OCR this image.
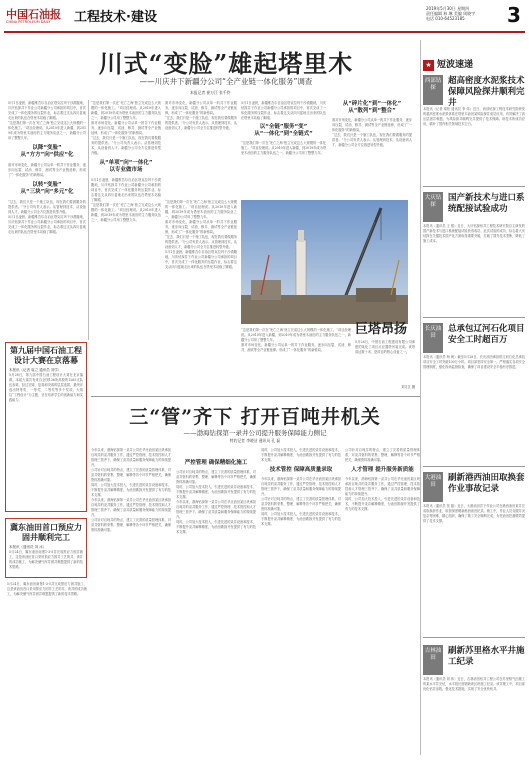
中国石油报
CHINA PETROLEUM DAILY 工程技术·建设
2019年5月30日 星期四
责任编辑 林 琳 美编 周晓宇
电话 010-64523185	3
川式“变脸”雄起塔里木
——川庆井下新疆分公司“全产业链一体化服务”调查
本报记者 崔万江 张千伶
5月1日凌晨，新疆维吾尔自治区塔克拉玛干沙漠腹地，川庆钻探井下作业公司新疆分公司承担的项目中，首次完成了一体化服务的压裂作业，标志着这支从四川盆地走出来的队伍在塔里木站稳了脚跟。
“这是我们第一次在‘死亡之海’独立完成这么大规模的一体化施工。”项目经理说。从2010年进入新疆，到2019年成为塔里木油田的主力服务队伍之一，新疆分公司用了整整九年。
以降“变脸”
从“方方”向“供应“化
面对市场变化，新疆分公司从单一的井下作业服务，逐步向压裂、试油、修井、测试等全产业链延伸，形成了“一体化服务”的新格局。
以转“变脸”
从“三块”向“多元”化
“过去，我们只是一个施工队伍，现在我们要做服务的提供者。”分公司负责人表示。从管理到技术，从设备到人才，新疆分公司全方位推进转型升级。
5月1日凌晨，新疆维吾尔自治区塔克拉玛干沙漠腹地，川庆钻探井下作业公司新疆分公司承担的项目中，首次完成了一体化服务的压裂作业，标志着这支从四川盆地走出来的队伍在塔里木站稳了脚跟。
“这是我们第一次在‘死亡之海’独立完成这么大规模的一体化施工。”项目经理说。从2010年进入新疆，到2019年成为塔里木油田的主力服务队伍之一，新疆分公司用了整整九年。
面对市场变化，新疆分公司从单一的井下作业服务，逐步向压裂、试油、修井、测试等全产业链延伸，形成了“一体化服务”的新格局。
“过去，我们只是一个施工队伍，现在我们要做服务的提供者。”分公司负责人表示。从管理到技术，从设备到人才，新疆分公司全方位推进转型升级。
从“单项”向“一体化”
以专业做市场
5月1日凌晨，新疆维吾尔自治区塔克拉玛干沙漠腹地，川庆钻探井下作业公司新疆分公司承担的项目中，首次完成了一体化服务的压裂作业，标志着这支从四川盆地走出来的队伍在塔里木站稳了脚跟。
“这是我们第一次在‘死亡之海’独立完成这么大规模的一体化施工。”项目经理说。从2010年进入新疆，到2019年成为塔里木油田的主力服务队伍之一，新疆分公司用了整整九年。
面对市场变化，新疆分公司从单一的井下作业服务，逐步向压裂、试油、修井、测试等全产业链延伸，形成了“一体化服务”的新格局。
“过去，我们只是一个施工队伍，现在我们要做服务的提供者。”分公司负责人表示。从管理到技术，从设备到人才，新疆分公司全方位推进转型升级。
5月1日凌晨，新疆维吾尔自治区塔克拉玛干沙漠腹地，川庆钻探井下作业公司新疆分公司承担的项目中，首次完成了一体化服务的压裂作业，标志着这支从四川盆地走出来的队伍在塔里木站稳了脚跟。
以“全链”服务“变”
从“一体化”到“全链式”
“这是我们第一次在‘死亡之海’独立完成这么大规模的一体化施工。”项目经理说。从2010年进入新疆，到2019年成为塔里木油田的主力服务队伍之一，新疆分公司用了整整九年。
从“碎片化”到“一体化”
从“散列”到“整合”
面对市场变化，新疆分公司从单一的井下作业服务，逐步向压裂、试油、修井、测试等全产业链延伸，形成了“一体化服务”的新格局。
“过去，我们只是一个施工队伍，现在我们要做服务的提供者。”分公司负责人表示。从管理到技术，从设备到人才，新疆分公司全方位推进转型升级。
“这是我们第一次在‘死亡之海’独立完成这么大规模的一体化施工。”项目经理说。从2010年进入新疆，到2019年成为塔里木油田的主力服务队伍之一，新疆分公司用了整整九年。
面对市场变化，新疆分公司从单一的井下作业服务，逐步向压裂、试油、修井、测试等全产业链延伸，形成了“一体化服务”的新格局。
“过去，我们只是一个施工队伍，现在我们要做服务的提供者。”分公司负责人表示。从管理到技术，从设备到人才，新疆分公司全方位推进转型升级。
5月1日凌晨，新疆维吾尔自治区塔克拉玛干沙漠腹地，川庆钻探井下作业公司新疆分公司承担的项目中，首次完成了一体化服务的压裂作业，标志着这支从四川盆地走出来的队伍在塔里木站稳了脚跟。
“这是我们第一次在‘死亡之海’独立完成这么大规模的一体化施工。”项目经理说。从2010年进入新疆，到2019年成为塔里木油田的主力服务队伍之一，新疆分公司用了整整九年。
面对市场变化，新疆分公司从单一的井下作业服务，逐步向压裂、试油、修井、测试等全产业链延伸，形成了“一体化服务”的新格局。
巨塔昂扬
5月26日，中国石油工程建设有限公司承建的某化工项目反应器塔吊装完成。该塔高达数十米，是项目的核心设备之一。
刘义江 摄
第九届中国石油工程设计大赛在京落幕
本报讯（记者 崔立 通讯员 刘学）
5月28日，第九届中国石油工程设计大赛在北京落幕。本届大赛共有来自全国136所高校的1265支队伍参赛，经过初赛、复赛和决赛的层层选拔，最终评选出特等奖、一等奖、二等奖等多个奖项。大赛以“工程设计”为主题，旨在培养学生的创新能力和实践能力。
冀东油田首口预应力固井顺利完工
本报讯（通讯员 刘 冰）
5月24日，冀东油田南堡1-3-5井完成预应力固井施工，这是该油田首口采用预应力固井工艺的井。该井的成功施工，为解决储气库井固井难题提供了新的技术思路。
5月24日，冀东油田南堡1-3-5井完成预应力固井施工，这是该油田首口采用预应力固井工艺的井。该井的成功施工，为解决储气库井固井难题提供了新的技术思路。
三“管”齐下 打开百吨井机关
——渤海钻探第一录井公司提升服务保障能力侧记
特约记者 李晓洁 通讯员 孔 磊
今年以来，渤海钻探第一录井公司在华北油田某区块承担百吨井的录井服务工作，通过严控管理、技术管控和人才管理三管齐下，确保了录井质量和服务保障能力的持续提升。
公司针对百吨井的特点，建立了完善的质量管理体系，对录井资料的采集、整理、解释等各个环节严格把关，确保资料准确可靠。
同时，公司加大技术投入，引进先进的录井设备和技术，不断提升录井解释精度，为油田勘探开发提供了有力的技术支撑。
今年以来，渤海钻探第一录井公司在华北油田某区块承担百吨井的录井服务工作，通过严控管理、技术管控和人才管理三管齐下，确保了录井质量和服务保障能力的持续提升。
公司针对百吨井的特点，建立了完善的质量管理体系，对录井资料的采集、整理、解释等各个环节严格把关，确保资料准确可靠。
严控管理 确保精细化施工
公司针对百吨井的特点，建立了完善的质量管理体系，对录井资料的采集、整理、解释等各个环节严格把关，确保资料准确可靠。
同时，公司加大技术投入，引进先进的录井设备和技术，不断提升录井解释精度，为油田勘探开发提供了有力的技术支撑。
今年以来，渤海钻探第一录井公司在华北油田某区块承担百吨井的录井服务工作，通过严控管理、技术管控和人才管理三管齐下，确保了录井质量和服务保障能力的持续提升。
同时，公司加大技术投入，引进先进的录井设备和技术，不断提升录井解释精度，为油田勘探开发提供了有力的技术支撑。
同时，公司加大技术投入，引进先进的录井设备和技术，不断提升录井解释精度，为油田勘探开发提供了有力的技术支撑。
技术管控 保障高质量录取
今年以来，渤海钻探第一录井公司在华北油田某区块承担百吨井的录井服务工作，通过严控管理、技术管控和人才管理三管齐下，确保了录井质量和服务保障能力的持续提升。
公司针对百吨井的特点，建立了完善的质量管理体系，对录井资料的采集、整理、解释等各个环节严格把关，确保资料准确可靠。
同时，公司加大技术投入，引进先进的录井设备和技术，不断提升录井解释精度，为油田勘探开发提供了有力的技术支撑。
公司针对百吨井的特点，建立了完善的质量管理体系，对录井资料的采集、整理、解释等各个环节严格把关，确保资料准确可靠。
人才管理 提升服务新质能
今年以来，渤海钻探第一录井公司在华北油田某区块承担百吨井的录井服务工作，通过严控管理、技术管控和人才管理三管齐下，确保了录井质量和服务保障能力的持续提升。
同时，公司加大技术投入，引进先进的录井设备和技术，不断提升录井解释精度，为油田勘探开发提供了有力的技术支撑。
★ 短波速递
西部钻探
超高密度水泥浆技术保障风险探井顺利完井
本报讯（记者 秦松 通讯员 李 伟）近日，西部钻探工程技术研究院研发的超高密度水泥浆体系在塔里木油田某风险探井成功应用，有效解决了高压层固井难题，为风险探井顺利完井提供了技术保障。该技术的成功应用，填补了国内相关领域技术空白。
大庆钻探
国产新技术与进口系统配接试验成功
本报讯（通讯员 王 强）近日，大庆钻探钻井工程技术研究院自主研发的国产新技术与进口系统配接试验获得成功。此次试验的成功，标志着大庆钻探在关键技术国产化方面取得重要突破，打破了国外技术垄断，降低了施工成本。
长庆油田
总承包辽河石化项目安全工时超百万
本报讯（通讯员 杨 帆）截至5月28日，长庆油田承担的辽河石化总承包项目安全工时突破100万小时。项目部坚持安全第一，严格落实各项安全管理制度，强化现场监督检查，确保了项目建设安全平稳有序推进。
大港油田
刷新港西油田取换套作业事故记录
本报讯（通讯员 张 磊）近日，大港油田井下作业公司在港西油田某井完成取换套作业，取套深度刷新港西油田纪录。施工中，作业人员克服井况复杂等困难，精心组织，确保了施工安全顺利完成，为老油田挖潜增效提供了技术支撑。
吉林油田
刷新苏里格水平井施工纪录
本报讯（通讯员 刘 伟）近日，吉林油田钻井工程公司在苏里格气田施工的某水平井完钻，水平段长度刷新该区块施工纪录。该井施工中，项目部优化钻井参数，强化技术措施，实现了安全优快钻井。
